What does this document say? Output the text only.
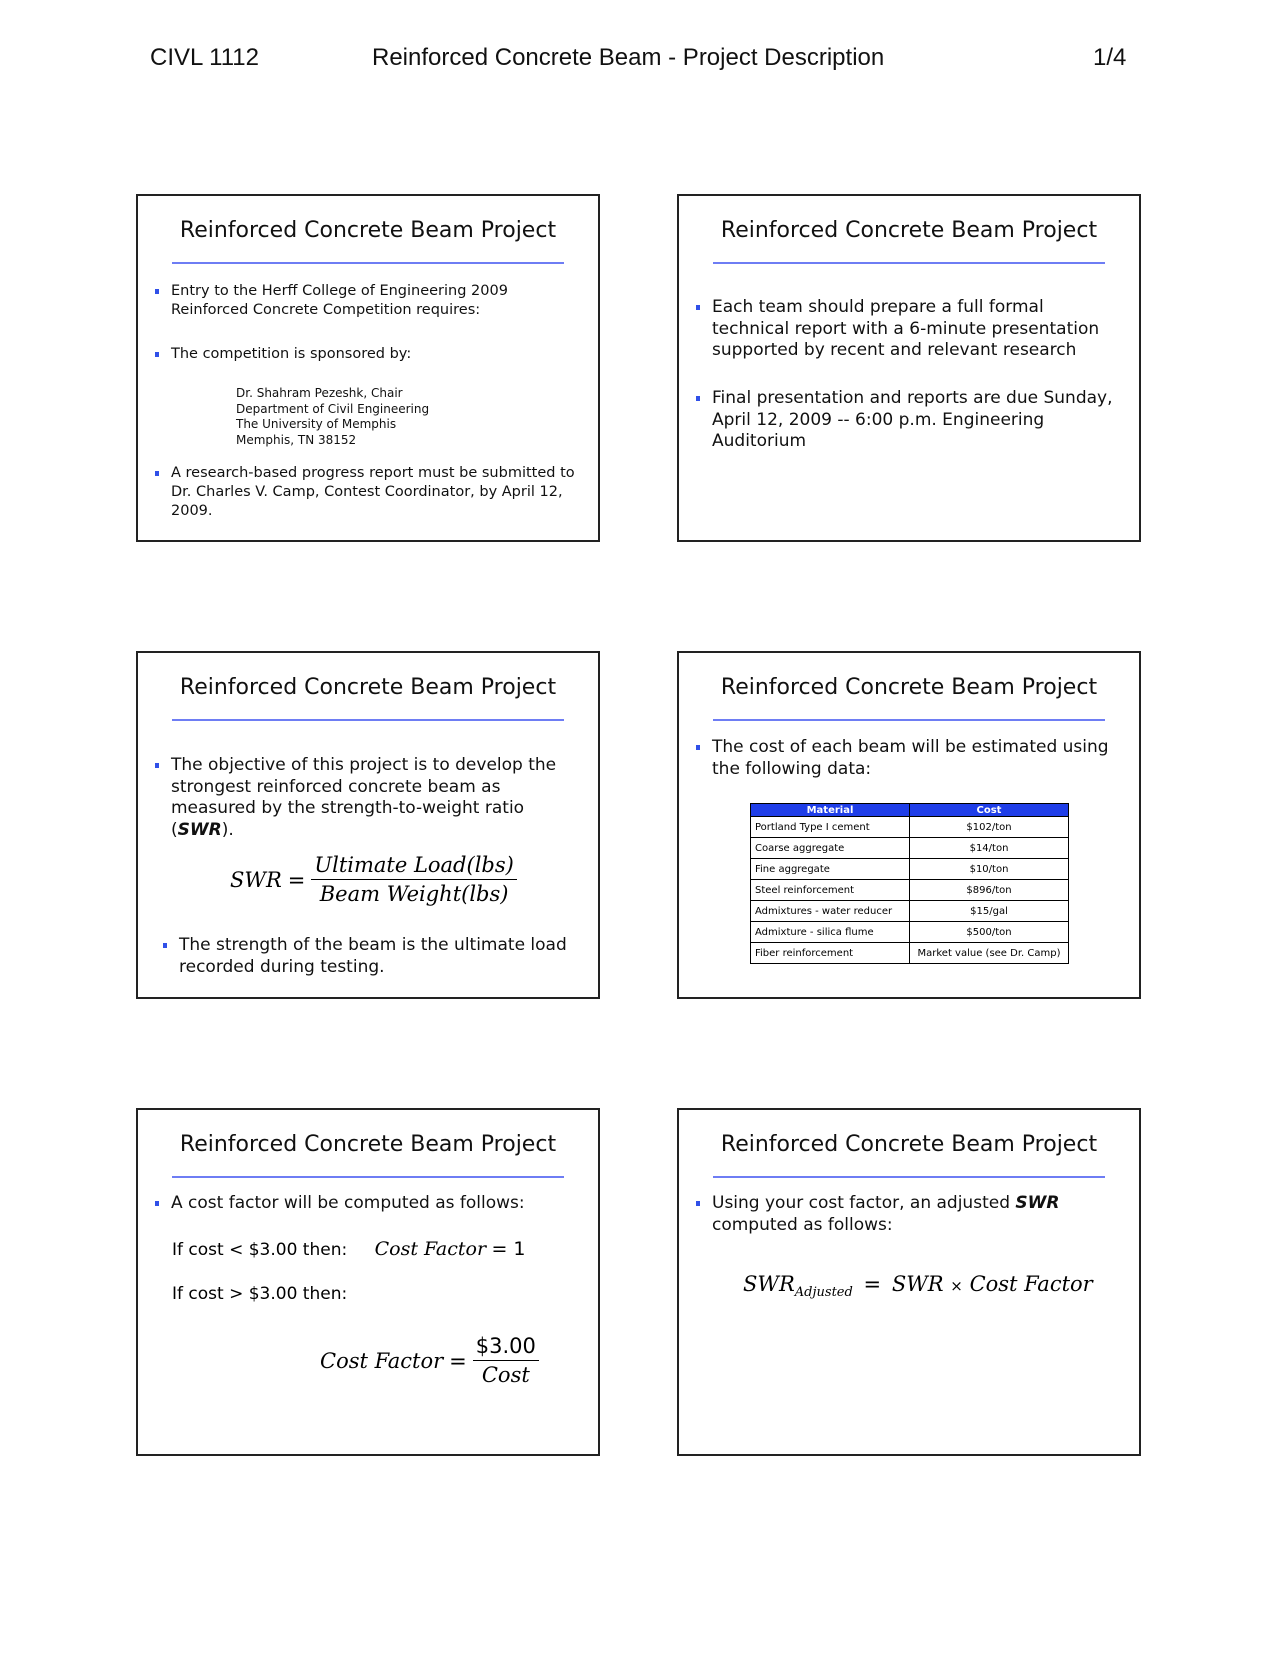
CIVL 1112	Reinforced Concrete Beam - Project Description	1/4
Reinforced Concrete Beam Project
Entry to the Herff College of Engineering 2009 Reinforced Concrete Competition requires:
The competition is sponsored by:
Dr. Shahram Pezeshk, Chair
Department of Civil Engineering
The University of Memphis
Memphis, TN 38152
A research-based progress report must be submitted to Dr. Charles V. Camp, Contest Coordinator, by April 12, 2009.
Reinforced Concrete Beam Project
Each team should prepare a full formal technical report with a 6-minute presentation supported by recent and relevant research
Final presentation and reports are due Sunday, April 12, 2009 -- 6:00 p.m. Engineering Auditorium
Reinforced Concrete Beam Project
The objective of this project is to develop the strongest reinforced concrete beam as measured by the strength-to-weight ratio (SWR).
SWR = $\frac{\text{Ultimate Load(lbs)}}{\text{Beam Weight(lbs)}}$
The strength of the beam is the ultimate load recorded during testing.
Reinforced Concrete Beam Project
The cost of each beam will be estimated using the following data:
Material	Cost
Portland Type I cement	$102/ton
Coarse aggregate	$14/ton
Fine aggregate	$10/ton
Steel reinforcement	$896/ton
Admixtures - water reducer	$15/gal
Admixture - silica flume	$500/ton
Fiber reinforcement	Market value (see Dr. Camp)
Reinforced Concrete Beam Project
A cost factor will be computed as follows:
If cost < $3.00 then: Cost Factor = 1
If cost > $3.00 then:
Cost Factor = $\frac{\$3.00}{\text{Cost}}$
Reinforced Concrete Beam Project
Using your cost factor, an adjusted SWR computed as follows:
$SWR_{Adjusted}$ = SWR × Cost Factor
